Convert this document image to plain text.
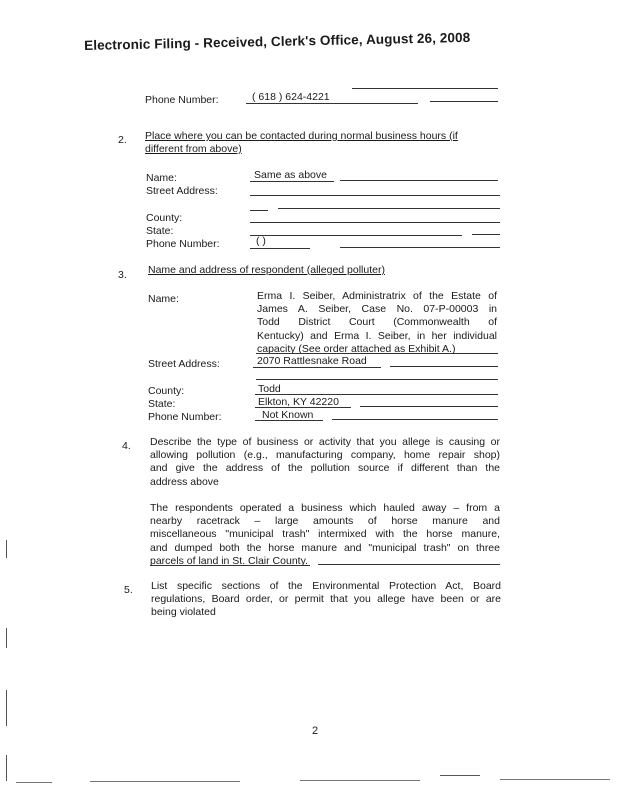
Electronic Filing - Received, Clerk's Office, August 26, 2008
Phone Number:	( 618 ) 624-4221
2. Place where you can be contacted during normal business hours (if
different from above)
Name:	Same as above
Street Address:
County:
State:
Phone Number:	( )
3. Name and address of respondent (alleged polluter)
Name:	Erma I. Seiber, Administratrix of the Estate of
James A. Seiber, Case No. 07-P-00003 in
Todd District Court (Commonwealth of
Kentucky) and Erma I. Seiber, in her individual
capacity (See order attached as Exhibit A.)
Street Address:	2070 Rattlesnake Road
County:	Todd
State:	Elkton, KY 42220
Phone Number:	Not Known
4. Describe the type of business or activity that you allege is causing or
allowing pollution (e.g., manufacturing company, home repair shop)
and give the address of the pollution source if different than the
address above
The respondents operated a business which hauled away – from a
nearby racetrack – large amounts of horse manure and
miscellaneous "municipal trash" intermixed with the horse manure,
and dumped both the horse manure and "municipal trash" on three
parcels of land in St. Clair County.
5. List specific sections of the Environmental Protection Act, Board
regulations, Board order, or permit that you allege have been or are
being violated
2
